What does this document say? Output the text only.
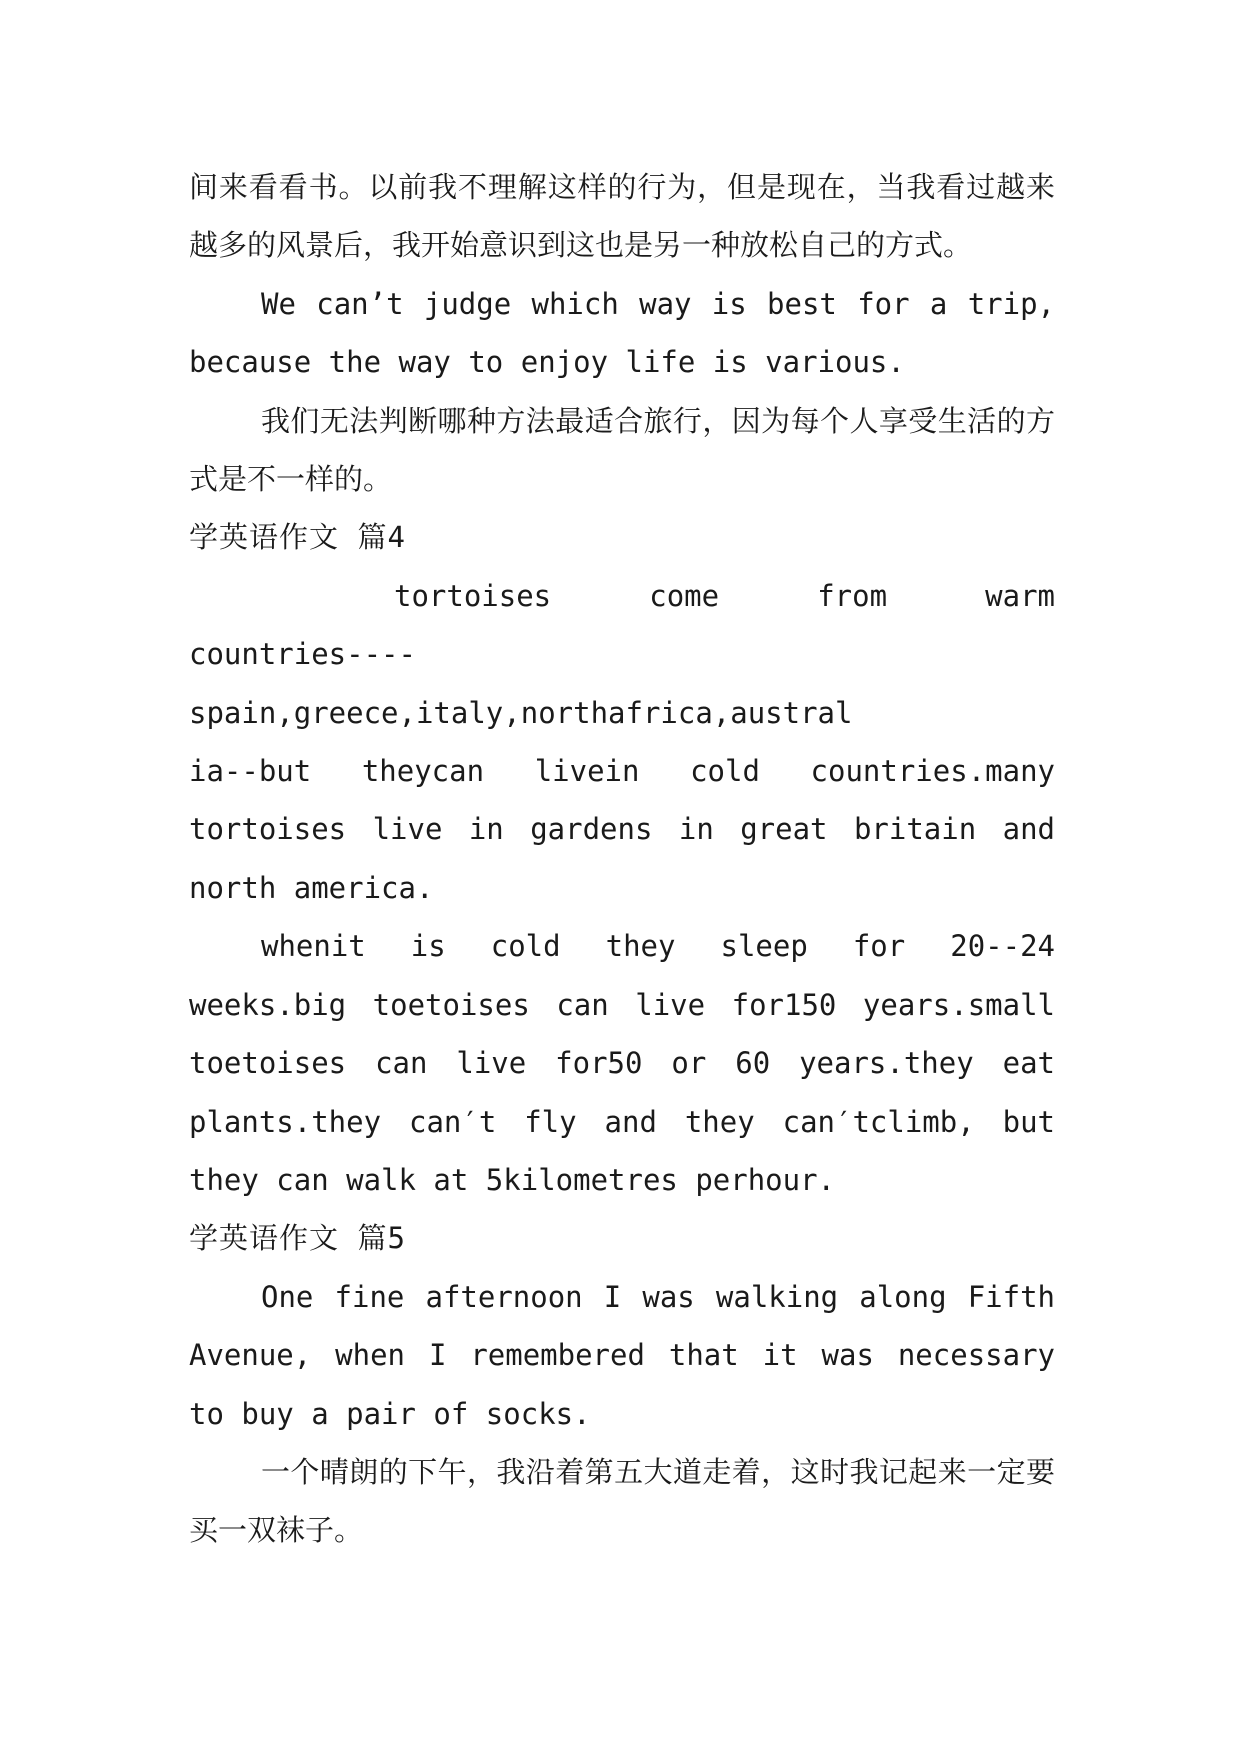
间来看看书。以前我不理解这样的行为，但是现在，当我看过越来越多的风景后，我开始意识到这也是另一种放松自己的方式。

We can’t judge which way is best for a trip, because the way to enjoy life is various.

我们无法判断哪种方法最适合旅行，因为每个人享受生活的方式是不一样的。

学英语作文 篇4

tortoises come from warm
countries----spain,greece,italy,northafrica,austral
ia--but theycan livein cold countries.many
tortoises live in gardens in great britain and
north america.

whenit is cold they sleep for 20--24 weeks.big toetoises can live for150 years.small toetoises can live for50 or 60 years.they eat plants.they can′t fly and they can′tclimb, but they can walk at 5kilometres perhour.

学英语作文 篇5

One fine afternoon I was walking along Fifth Avenue, when I remembered that it was necessary to buy a pair of socks.

一个晴朗的下午，我沿着第五大道走着，这时我记起来一定要买一双袜子。
